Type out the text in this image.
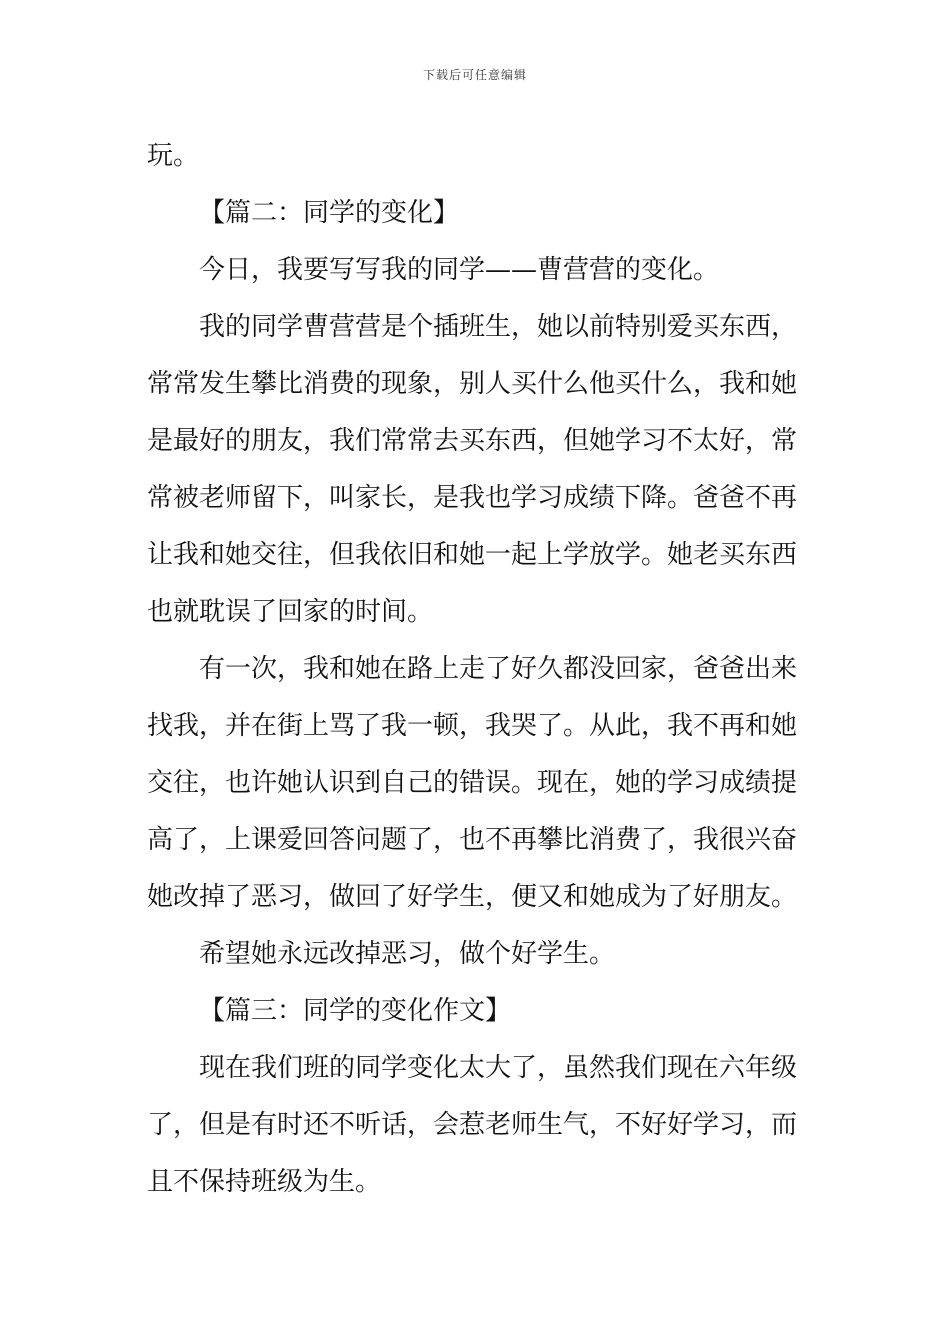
下载后可任意编辑

玩。

【篇二：同学的变化】

今日，我要写写我的同学——曹营营的变化。

我的同学曹营营是个插班生，她以前特别爱买东西，
常常发生攀比消费的现象，别人买什么他买什么，我和她
是最好的朋友，我们常常去买东西，但她学习不太好，常
常被老师留下，叫家长，是我也学习成绩下降。爸爸不再
让我和她交往，但我依旧和她一起上学放学。她老买东西
也就耽误了回家的时间。

有一次，我和她在路上走了好久都没回家，爸爸出来
找我，并在街上骂了我一顿，我哭了。从此，我不再和她
交往，也许她认识到自己的错误。现在，她的学习成绩提
高了，上课爱回答问题了，也不再攀比消费了，我很兴奋
她改掉了恶习，做回了好学生，便又和她成为了好朋友。

希望她永远改掉恶习，做个好学生。

【篇三：同学的变化作文】

现在我们班的同学变化太大了，虽然我们现在六年级
了，但是有时还不听话，会惹老师生气，不好好学习，而
且不保持班级为生。
